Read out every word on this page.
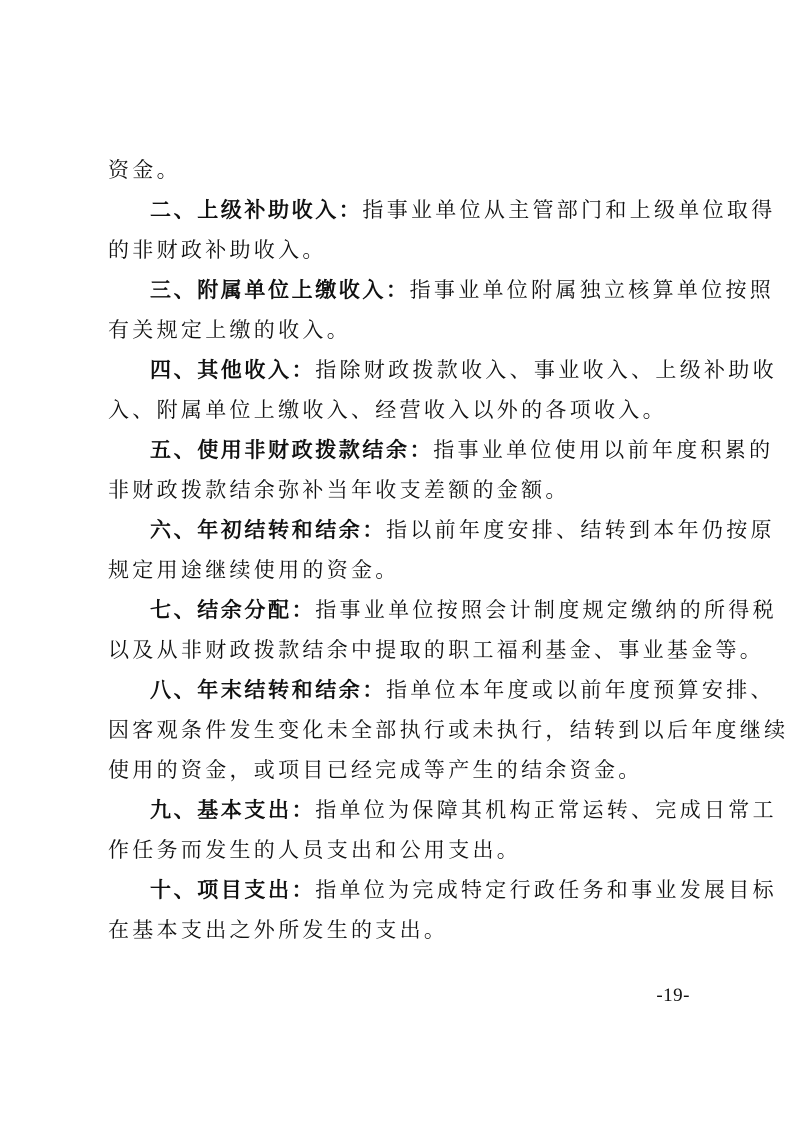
资金。
二、上级补助收入：指事业单位从主管部门和上级单位取得
的非财政补助收入。
三、附属单位上缴收入：指事业单位附属独立核算单位按照
有关规定上缴的收入。
四、其他收入：指除财政拨款收入、事业收入、上级补助收
入、附属单位上缴收入、经营收入以外的各项收入。
五、使用非财政拨款结余：指事业单位使用以前年度积累的
非财政拨款结余弥补当年收支差额的金额。
六、年初结转和结余：指以前年度安排、结转到本年仍按原
规定用途继续使用的资金。
七、结余分配：指事业单位按照会计制度规定缴纳的所得税
以及从非财政拨款结余中提取的职工福利基金、事业基金等。
八、年末结转和结余：指单位本年度或以前年度预算安排、
因客观条件发生变化未全部执行或未执行，结转到以后年度继续
使用的资金，或项目已经完成等产生的结余资金。
九、基本支出：指单位为保障其机构正常运转、完成日常工
作任务而发生的人员支出和公用支出。
十、项目支出：指单位为完成特定行政任务和事业发展目标
在基本支出之外所发生的支出。
-19-
